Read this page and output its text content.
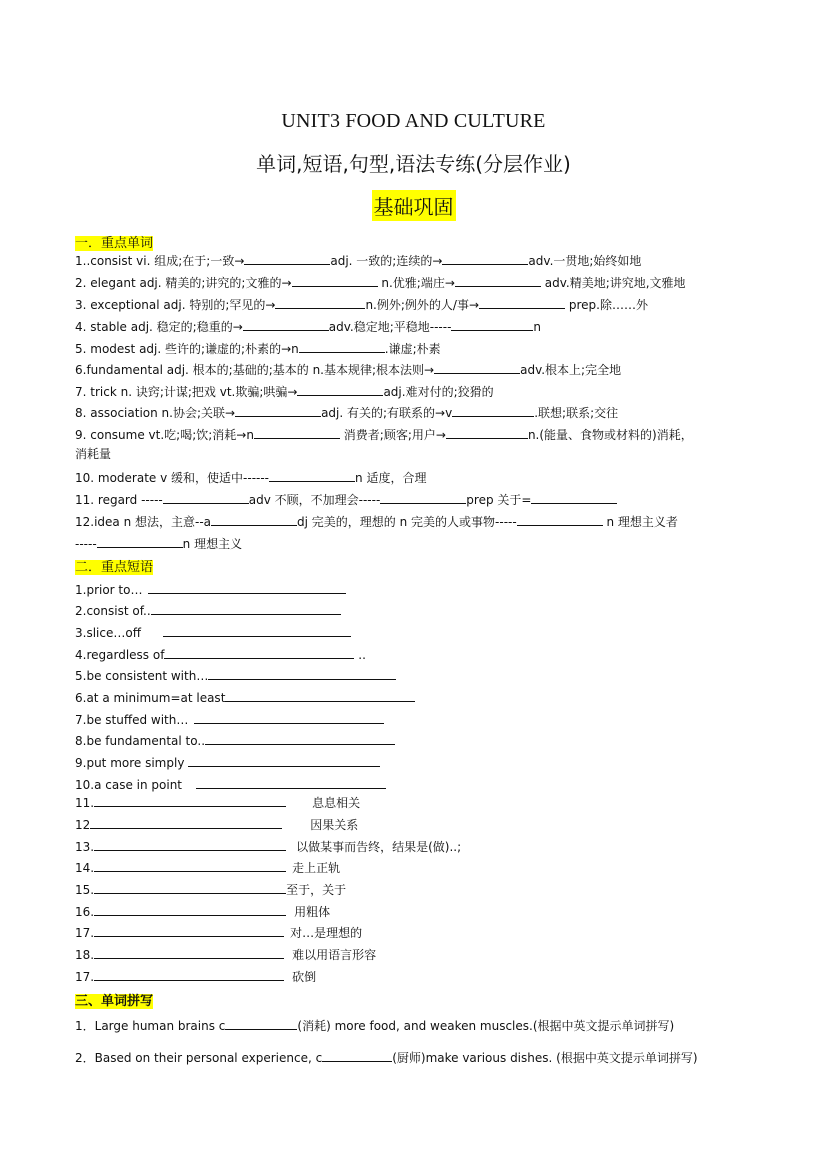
UNIT3 FOOD AND CULTURE
单词,短语,句型,语法专练(分层作业)
基础巩固
一．重点单词
1..consist vi. 组成;在于;一致→	adj. 一致的;连续的→	adv.一贯地;始终如地
2. elegant adj. 精美的;讲究的;文雅的→	n.优雅;端庄→	adv.精美地;讲究地,文雅地
3. exceptional adj. 特别的;罕见的→	n.例外;例外的人/事→	prep.除……外
4. stable adj. 稳定的;稳重的→	adv.稳定地;平稳地-----	n
5. modest adj. 些许的;谦虚的;朴素的→n	.谦虚;朴素
6.fundamental adj. 根本的;基础的;基本的 n.基本规律;根本法则→	adv.根本上;完全地
7. trick n. 诀窍;计谋;把戏 vt.欺骗;哄骗→	adj.难对付的;狡猾的
8. association n.协会;关联→	adj. 有关的;有联系的→v	.联想;联系;交往
9. consume vt.吃;喝;饮;消耗→n	消费者;顾客;用户→	n.(能量、食物或材料的)消耗，
消耗量
10. moderate v 缓和，使适中------	n 适度，合理
11. regard -----	adv 不顾，不加理会-----	prep 关于=
12.idea n 想法，主意--a	dj 完美的，理想的 n 完美的人或事物-----	n 理想主义者
-----	n 理想主义
二．重点短语
1.prior to…
2.consist of..
3.slice…off
4.regardless of	..
5.be consistent with…
6.at a minimum=at least
7.be stuffed with…
8.be fundamental to..
9.put more simply
10.a case in point
11.	息息相关
12	因果关系
13.	以做某事而告终，结果是(做)..;
14.	走上正轨
15.	至于，关于
16.	用粗体
17.	对…是理想的
18.	难以用语言形容
17.	砍倒
三、单词拼写
1．Large human brains c	(消耗) more food, and weaken muscles.(根据中英文提示单词拼写)
2．Based on their personal experience, c	(厨师)make various dishes. (根据中英文提示单词拼写)
